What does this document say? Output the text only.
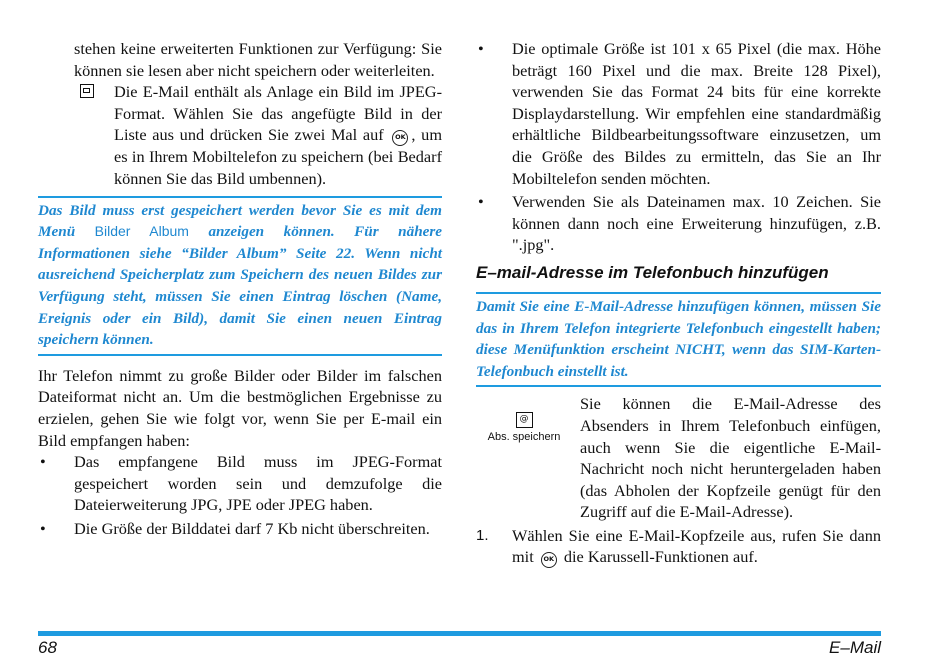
stehen keine erweiterten Funktionen zur Verfügung: Sie können sie lesen aber nicht speichern oder weiterleiten.

Die E-Mail enthält als Anlage ein Bild im JPEG-Format. Wählen Sie das angefügte Bild in der Liste aus und drücken Sie zwei Mal auf OK , um es in Ihrem Mobiltelefon zu speichern (bei Bedarf können Sie das Bild umbennen).
Das Bild muss erst gespeichert werden bevor Sie es mit dem Menü Bilder Album anzeigen können. Für nähere Informationen siehe “Bilder Album” Seite 22. Wenn nicht ausreichend Speicherplatz zum Speichern des neuen Bildes zur Verfügung steht, müssen Sie einen Eintrag löschen (Name, Ereignis oder ein Bild), damit Sie einen neuen Eintrag speichern können.

Ihr Telefon nimmt zu große Bilder oder Bilder im falschen Dateiformat nicht an. Um die bestmöglichen Ergebnisse zu erzielen, gehen Sie wie folgt vor, wenn Sie per E-mail ein Bild empfangen haben:

• Das empfangene Bild muss im JPEG-Format gespeichert worden sein und demzufolge die Dateierweiterung JPG, JPE oder JPEG haben.
• Die Größe der Bilddatei darf 7 Kb nicht überschreiten.
• Die optimale Größe ist 101 x 65 Pixel (die max. Höhe beträgt 160 Pixel und die max. Breite 128 Pixel), verwenden Sie das Format 24 bits für eine korrekte Displaydarstellung. Wir empfehlen eine standardmäßig erhältliche Bildbearbeitungssoftware einzusetzen, um die Größe des Bildes zu ermitteln, das Sie an Ihr Mobiltelefon senden möchten.
• Verwenden Sie als Dateinamen max. 10 Zeichen. Sie können dann noch eine Erweiterung hinzufügen, z.B. ".jpg".
E–mail-Adresse im Telefonbuch hinzufügen
Damit Sie eine E-Mail-Adresse hinzufügen können, müssen Sie das in Ihrem Telefon integrierte Telefonbuch eingestellt haben; diese Menüfunktion erscheint NICHT, wenn das SIM-Karten-Telefonbuch einstellt ist.
@
Abs. speichern

Sie können die E-Mail-Adresse des Absenders in Ihrem Telefonbuch einfügen, auch wenn Sie die eigentliche E-Mail-Nachricht noch nicht heruntergeladen haben (das Abholen der Kopfzeile genügt für den Zugriff auf die E-Mail-Adresse).

1. Wählen Sie eine E-Mail-Kopfzeile aus, rufen Sie dann mit OK die Karussell-Funktionen auf.
68	E–Mail
